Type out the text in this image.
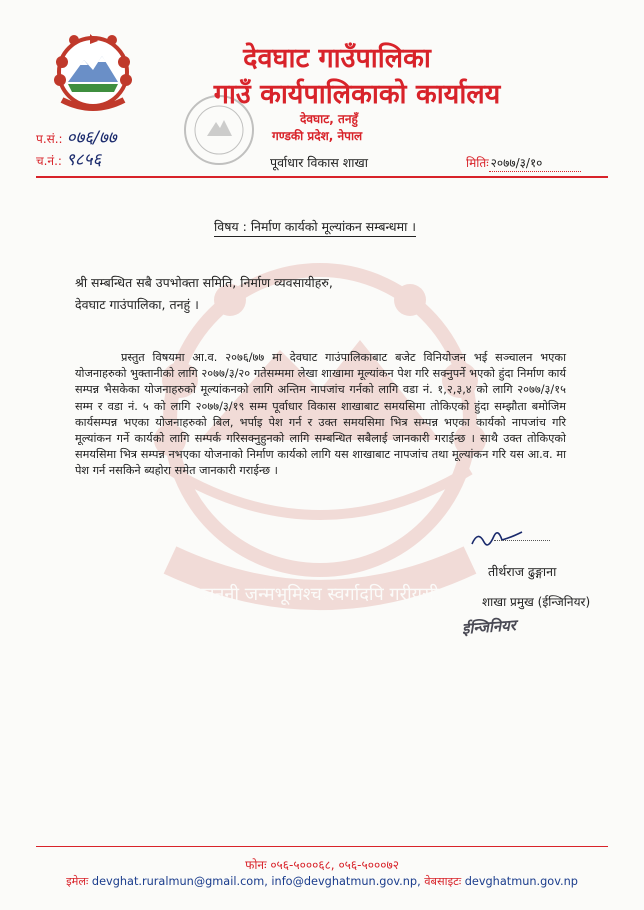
जननी जन्मभूमिश्च स्वर्गादपि गरीयसी
देवघाट गाउँपालिका
गाउँ कार्यपालिकाको कार्यालय
देवघाट, तनहुँ
गण्डकी प्रदेश, नेपाल
प.सं.: ०७६/७७
च.नं.: ९८५६	पूर्वाधार विकास शाखा	मितिः २०७७/३/१०
विषय : निर्माण कार्यको मूल्यांकन सम्बन्धमा ।
श्री सम्बन्धित सबै उपभोक्ता समिति, निर्माण व्यवसायीहरु,
देवघाट गाउंपालिका, तनहुं ।
प्रस्तुत विषयमा आ.व. २०७६/७७ मा देवघाट गाउंपालिकाबाट बजेट विनियोजन भई सञ्चालन भएका योजनाहरुको भुक्तानीको लागि २०७७/३/२० गतेसम्ममा लेखा शाखामा मूल्यांकन पेश गरि सक्नुपर्ने भएको हुंदा निर्माण कार्य सम्पन्न भैसकेका योजनाहरुको मूल्यांकनको लागि अन्तिम नापजांच गर्नको लागि वडा नं. १,२,३,४ को लागि २०७७/३/१५ सम्म र वडा नं. ५ को लागि २०७७/३/१९ सम्म पूर्वाधार विकास शाखाबाट समयसिमा तोकिएको हुंदा सम्झौता बमोजिम कार्यसम्पन्न भएका योजनाहरुको बिल, भर्पाइ पेश गर्न र उक्त समयसिमा भित्र सम्पन्न भएका कार्यको नापजांच गरि मूल्यांकन गर्ने कार्यको लागि सम्पर्क गरिसक्नुहुनको लागि सम्बन्धित सबैलाई जानकारी गराईन्छ । साथै उक्त तोकिएको समयसिमा भित्र सम्पन्न नभएका योजनाको निर्माण कार्यको लागि यस शाखाबाट नापजांच तथा मूल्यांकन गरि यस आ.व. मा पेश गर्न नसकिने ब्यहोरा समेत जानकारी गराईन्छ ।
तीर्थराज ढुङ्गाना
शाखा प्रमुख (ईन्जिनियर)
ईन्जिनियर
फोनः ०५६-५०००६८, ०५६-५०००७२
इमेलः devghat.ruralmun@gmail.com, info@devghatmun.gov.np, वेबसाइटः devghatmun.gov.np
